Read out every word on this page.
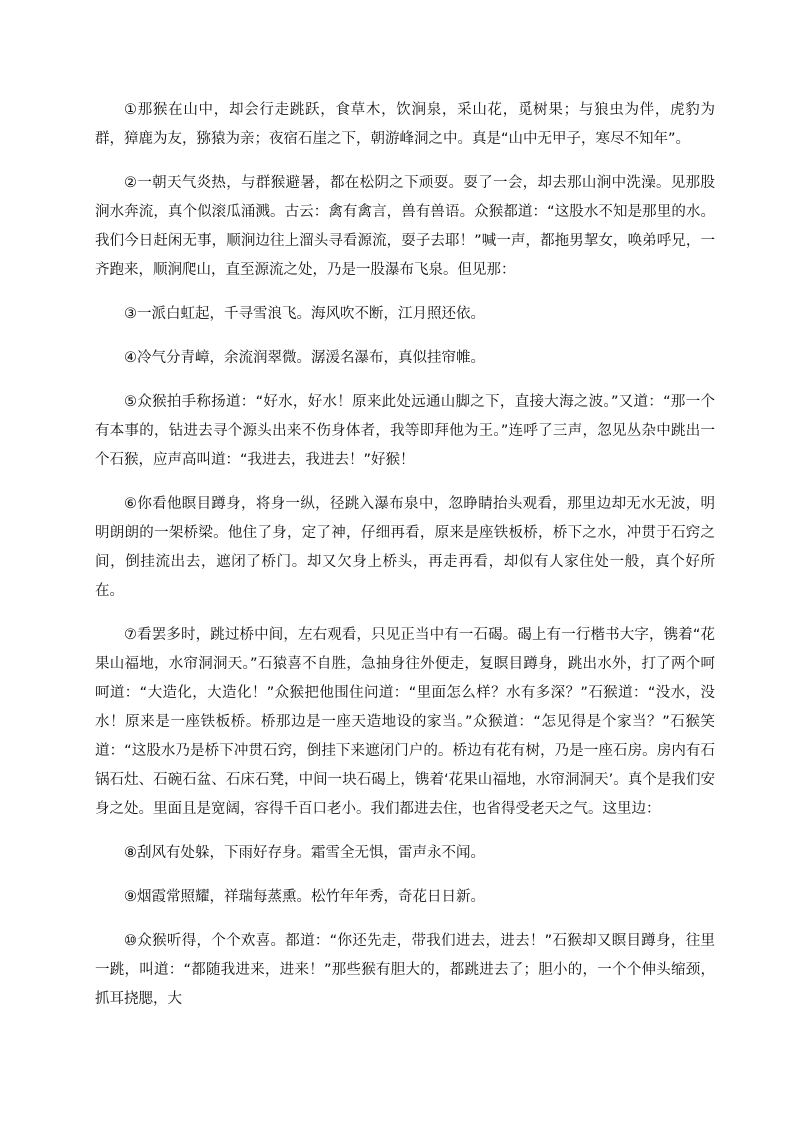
①那猴在山中，却会行走跳跃，食草木，饮涧泉，采山花，觅树果；与狼虫为伴，虎豹为群，獐鹿为友，猕猿为亲；夜宿石崖之下，朝游峰洞之中。真是“山中无甲子，寒尽不知年”。

②一朝天气炎热，与群猴避暑，都在松阴之下顽耍。耍了一会，却去那山涧中洗澡。见那股涧水奔流，真个似滚瓜涌溅。古云：禽有禽言，兽有兽语。众猴都道：“这股水不知是那里的水。我们今日赶闲无事，顺涧边往上溜头寻看源流，耍子去耶！”喊一声，都拖男挈女，唤弟呼兄，一齐跑来，顺涧爬山，直至源流之处，乃是一股瀑布飞泉。但见那：

③一派白虹起，千寻雪浪飞。海风吹不断，江月照还依。

④冷气分青嶂，余流润翠微。潺湲名瀑布，真似挂帘帷。

⑤众猴拍手称扬道：“好水，好水！原来此处远通山脚之下，直接大海之波。”又道：“那一个有本事的，钻进去寻个源头出来不伤身体者，我等即拜他为王。”连呼了三声，忽见丛杂中跳出一个石猴，应声高叫道：“我进去，我进去！”好猴！

⑥你看他瞑目蹲身，将身一纵，径跳入瀑布泉中，忽睁睛抬头观看，那里边却无水无波，明明朗朗的一架桥梁。他住了身，定了神，仔细再看，原来是座铁板桥，桥下之水，冲贯于石窍之间，倒挂流出去，遮闭了桥门。却又欠身上桥头，再走再看，却似有人家住处一般，真个好所在。

⑦看罢多时，跳过桥中间，左右观看，只见正当中有一石碣。碣上有一行楷书大字，镌着“花果山福地，水帘洞洞天。”石猿喜不自胜，急抽身往外便走，复瞑目蹲身，跳出水外，打了两个呵呵道：“大造化，大造化！”众猴把他围住问道：“里面怎么样？水有多深？”石猴道：“没水，没水！原来是一座铁板桥。桥那边是一座天造地设的家当。”众猴道：“怎见得是个家当？”石猴笑道：“这股水乃是桥下冲贯石窍，倒挂下来遮闭门户的。桥边有花有树，乃是一座石房。房内有石锅石灶、石碗石盆、石床石凳，中间一块石碣上，镌着‘花果山福地，水帘洞洞天’。真个是我们安身之处。里面且是宽阔，容得千百口老小。我们都进去住，也省得受老天之气。这里边：

⑧刮风有处躲，下雨好存身。霜雪全无惧，雷声永不闻。

⑨烟霞常照耀，祥瑞每蒸熏。松竹年年秀，奇花日日新。

⑩众猴听得，个个欢喜。都道：“你还先走，带我们进去，进去！”石猴却又瞑目蹲身，往里一跳，叫道：“都随我进来，进来！”那些猴有胆大的，都跳进去了；胆小的，一个个伸头缩颈，抓耳挠腮，大
